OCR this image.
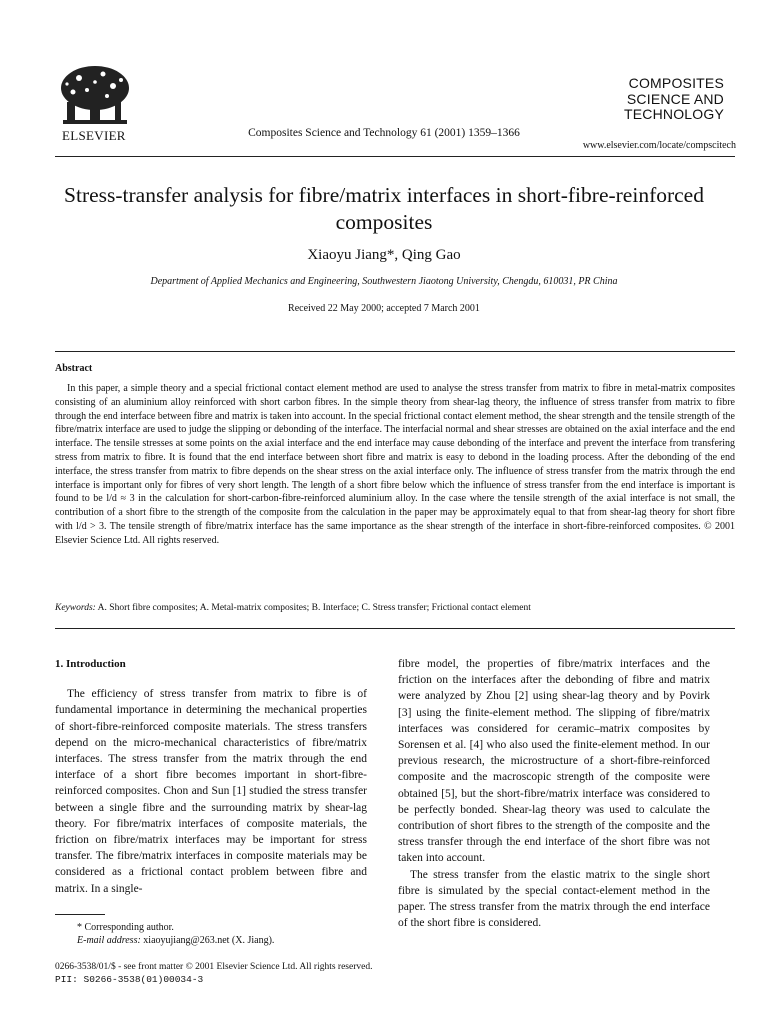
ELSEVIER	Composites Science and Technology 61 (2001) 1359–1366
COMPOSITES
SCIENCE AND
TECHNOLOGY
www.elsevier.com/locate/compscitech
Stress-transfer analysis for fibre/matrix interfaces in short-fibre-reinforced composites
Xiaoyu Jiang*, Qing Gao
Department of Applied Mechanics and Engineering, Southwestern Jiaotong University, Chengdu, 610031, PR China
Received 22 May 2000; accepted 7 March 2001
Abstract

In this paper, a simple theory and a special frictional contact element method are used to analyse the stress transfer from matrix to fibre in metal-matrix composites consisting of an aluminium alloy reinforced with short carbon fibres. In the simple theory from shear-lag theory, the influence of stress transfer from matrix to fibre through the end interface between fibre and matrix is taken into account. In the special frictional contact element method, the shear strength and the tensile strength of the fibre/matrix interface are used to judge the slipping or debonding of the interface. The interfacial normal and shear stresses are obtained on the axial interface and the end interface. The tensile stresses at some points on the axial interface and the end interface may cause debonding of the interface and prevent the interface from transfering stress from matrix to fibre. It is found that the end interface between short fibre and matrix is easy to debond in the loading process. After the debonding of the end interface, the stress transfer from matrix to fibre depends on the shear stress on the axial interface only. The influence of stress transfer from the matrix through the end interface is important only for fibres of very short length. The length of a short fibre below which the influence of stress transfer from the end interface is important is found to be l/d ≈ 3 in the calculation for short-carbon-fibre-reinforced aluminium alloy. In the case where the tensile strength of the axial interface is not small, the contribution of a short fibre to the strength of the composite from the calculation in the paper may be approximately equal to that from shear-lag theory for short fibre with l/d > 3. The tensile strength of fibre/matrix interface has the same importance as the shear strength of the interface in short-fibre-reinforced composites. © 2001 Elsevier Science Ltd. All rights reserved.

Keywords: A. Short fibre composites; A. Metal-matrix composites; B. Interface; C. Stress transfer; Frictional contact element
1. Introduction

The efficiency of stress transfer from matrix to fibre is of fundamental importance in determining the mechanical properties of short-fibre-reinforced composite materials. The stress transfers depend on the micro-mechanical characteristics of fibre/matrix interfaces. The stress transfer from the matrix through the end interface of a short fibre becomes important in short-fibre-reinforced composites. Chon and Sun [1] studied the stress transfer between a single fibre and the surrounding matrix by shear-lag theory. For fibre/matrix interfaces of composite materials, the friction on fibre/matrix interfaces may be important for stress transfer. The fibre/matrix interfaces in composite materials may be considered as a frictional contact problem between fibre and matrix. In a single-

fibre model, the properties of fibre/matrix interfaces and the friction on the interfaces after the debonding of fibre and matrix were analyzed by Zhou [2] using shear-lag theory and by Povirk [3] using the finite-element method. The slipping of fibre/matrix interfaces was considered for ceramic–matrix composites by Sorensen et al. [4] who also used the finite-element method. In our previous research, the microstructure of a short-fibre-reinforced composite and the macroscopic strength of the composite were obtained [5], but the short-fibre/matrix interface was considered to be perfectly bonded. Shear-lag theory was used to calculate the contribution of short fibres to the strength of the composite and the stress transfer through the end interface of the short fibre was not taken into account.

The stress transfer from the elastic matrix to the single short fibre is simulated by the special contact-element method in the paper. The stress transfer from the matrix through the end interface of the short fibre is considered.

* Corresponding author.
E-mail address: xiaoyujiang@263.net (X. Jiang).
0266-3538/01/$ - see front matter © 2001 Elsevier Science Ltd. All rights reserved.
PII: S0266-3538(01)00034-3
